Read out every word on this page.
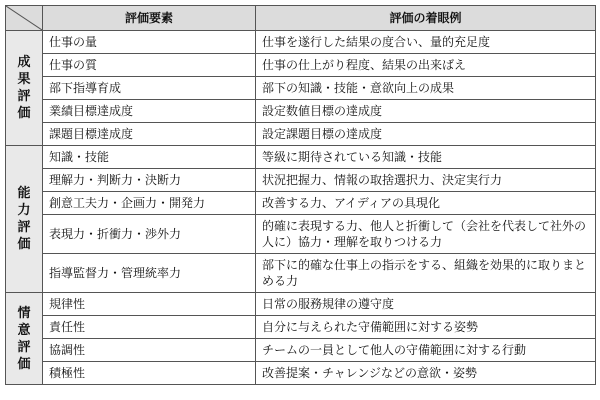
	評価要素	評価の着眼例

成果評価	仕事の量	仕事を遂行した結果の度合い、量的充足度
	仕事の質	仕事の仕上がり程度、結果の出来ばえ
	部下指導育成	部下の知識・技能・意欲向上の成果
	業績目標達成度	設定数値目標の達成度
	課題目標達成度	設定課題目標の達成度

能力評価	知識・技能	等級に期待されている知識・技能
	理解力・判断力・決断力	状況把握力、情報の取捨選択力、決定実行力
	創意工夫力・企画力・開発力	改善する力、アイディアの具現化
	表現力・折衝力・渉外力	的確に表現する力、他人と折衝して（会社を代表して社外の人に）協力・理解を取りつける力
	指導監督力・管理統率力	部下に的確な仕事上の指示をする、組織を効果的に取りまとめる力

情意評価	規律性	日常の服務規律の遵守度
	責任性	自分に与えられた守備範囲に対する姿勢
	協調性	チームの一員として他人の守備範囲に対する行動
	積極性	改善提案・チャレンジなどの意欲・姿勢
